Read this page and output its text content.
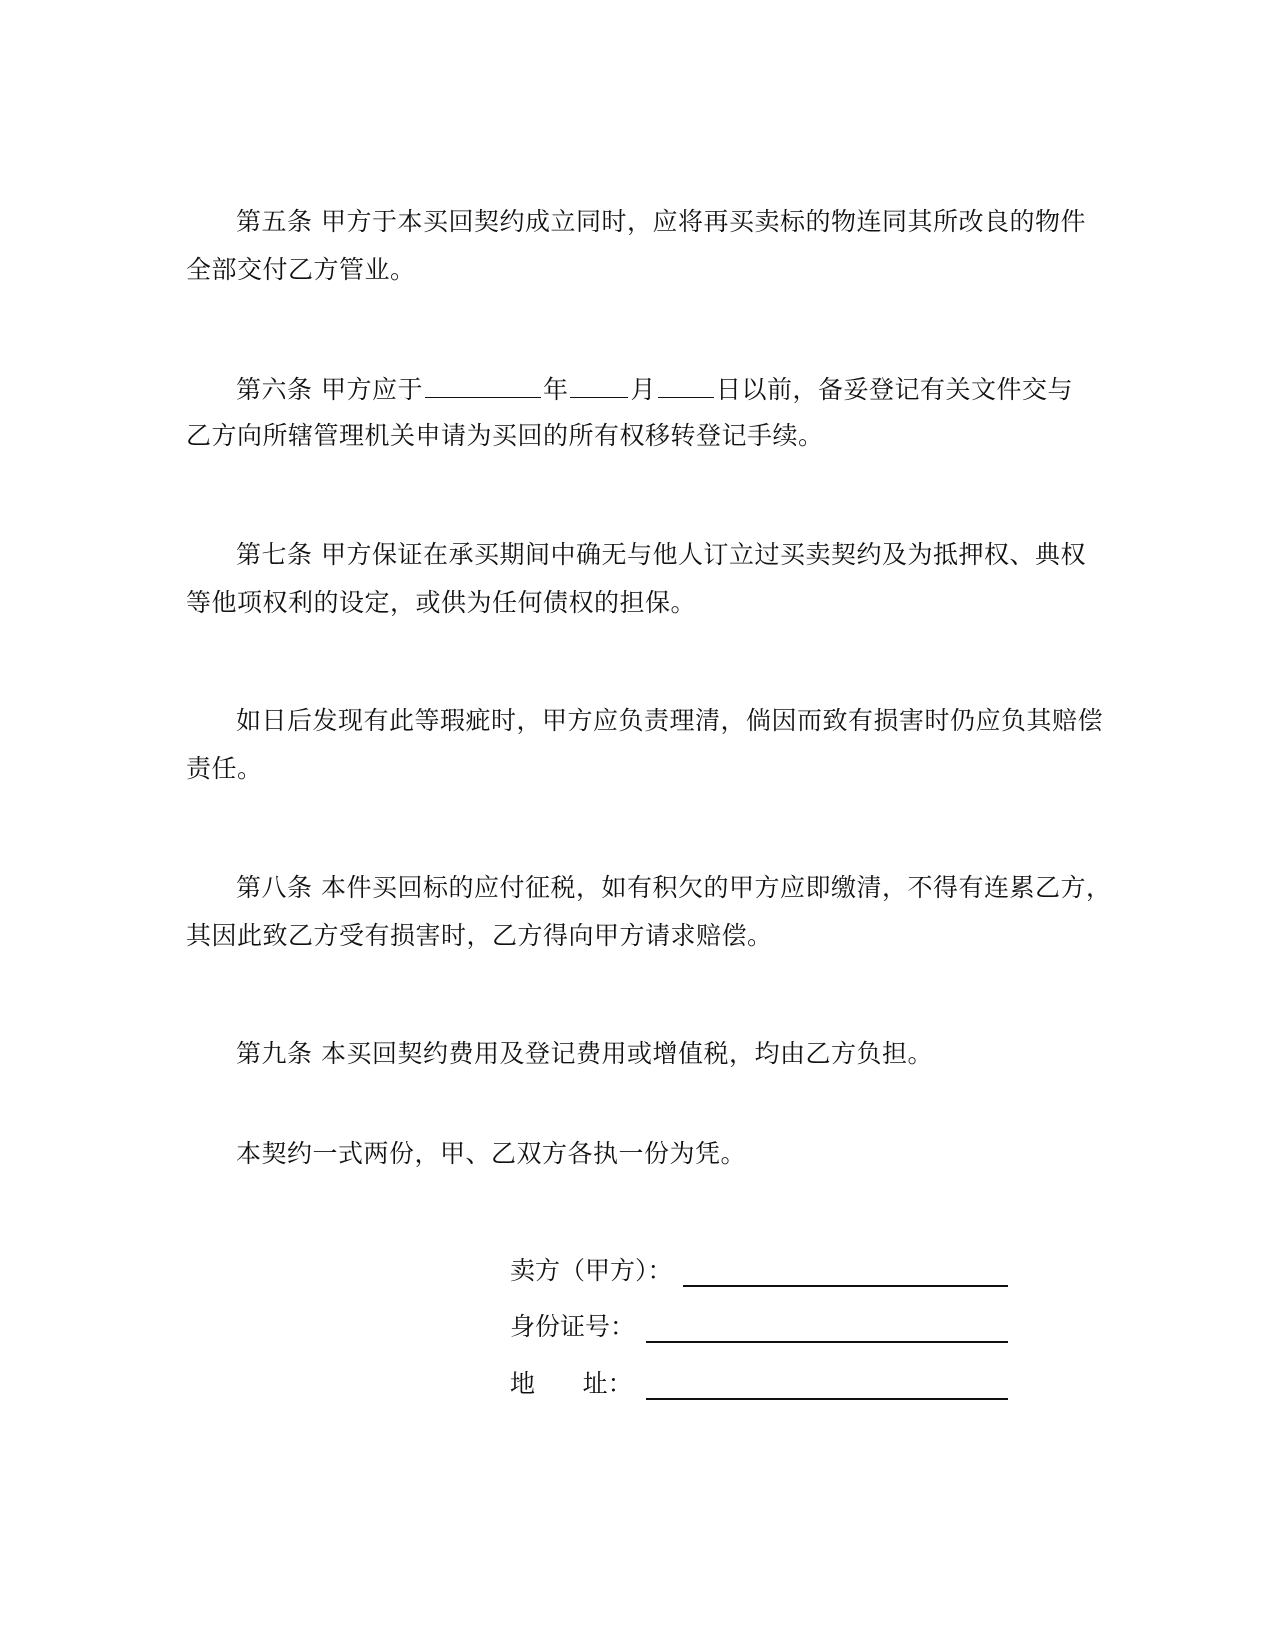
第五条 甲方于本买回契约成立同时，应将再买卖标的物连同其所改良的物件
全部交付乙方管业。
第六条 甲方应于	年 月 日以前，备妥登记有关文件交与
乙方向所辖管理机关申请为买回的所有权移转登记手续。
第七条 甲方保证在承买期间中确无与他人订立过买卖契约及为抵押权、典权
等他项权利的设定，或供为任何债权的担保。
如日后发现有此等瑕疵时，甲方应负责理清，倘因而致有损害时仍应负其赔偿
责任。
第八条 本件买回标的应付征税，如有积欠的甲方应即缴清，不得有连累乙方，
其因此致乙方受有损害时，乙方得向甲方请求赔偿。
第九条 本买回契约费用及登记费用或增值税，均由乙方负担。
本契约一式两份，甲、乙双方各执一份为凭。
卖方（甲方）：
身份证号：
地      址：
